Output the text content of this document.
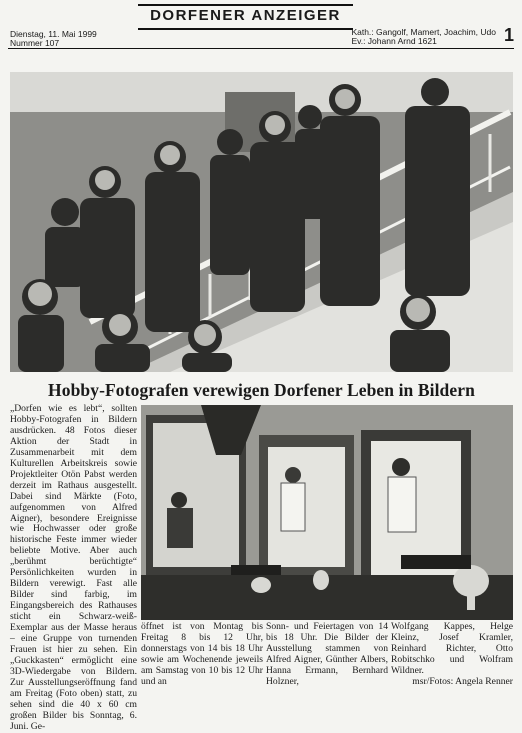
DORFENER ANZEIGER
Dienstag, 11. Mai 1999
Nummer 107
Kath.: Gangolf, Mamert, Joachim, Udo
Ev.: Johann Arnd 1621	1
Hobby-Fotografen verewigen Dorfener Leben in Bildern
„Dorfen wie es lebt“, sollten Hobby-Fotografen in Bildern ausdrücken. 48 Fotos dieser Aktion der Stadt in Zusammenarbeit mit dem Kulturellen Arbeitskreis sowie Projektleiter Otön Pabst werden derzeit im Rathaus ausgestellt. Dabei sind Märkte (Foto, aufgenommen von Alfred Aigner), besondere Ereignisse wie Hochwasser oder große historische Feste immer wieder beliebte Motive. Aber auch „berühmt berüchtigte“ Persönlichkeiten wurden in Bildern verewigt. Fast alle Bilder sind farbig, im Eingangsbereich des Rathauses sticht ein Schwarz-weiß-Exemplar aus der Masse heraus – eine Gruppe von turnenden Frauen ist hier zu sehen. Ein „Guckkasten“ ermöglicht eine 3D-Wiedergabe von Bildern. Zur Ausstellungseröffnung fand am Freitag (Foto oben) statt, zu sehen sind die 40 x 60 cm großen Bilder bis Sonntag, 6. Juni. Ge-
öffnet ist von Montag bis Freitag 8 bis 12 Uhr, donnerstags von 14 bis 18 Uhr sowie am Wochenende jeweils am Samstag von 10 bis 12 Uhr und an
Sonn- und Feiertagen von 14 bis 18 Uhr. Die Bilder der Ausstellung stammen von Alfred Aigner, Günther Albers, Hanna Ermann, Bernhard Holzner,
Wolfgang Kappes, Helge Kleinz, Josef Kramler, Reinhard Richter, Otto Robitschko und Wolfram Wildner.
msr/Fotos: Angela Renner
